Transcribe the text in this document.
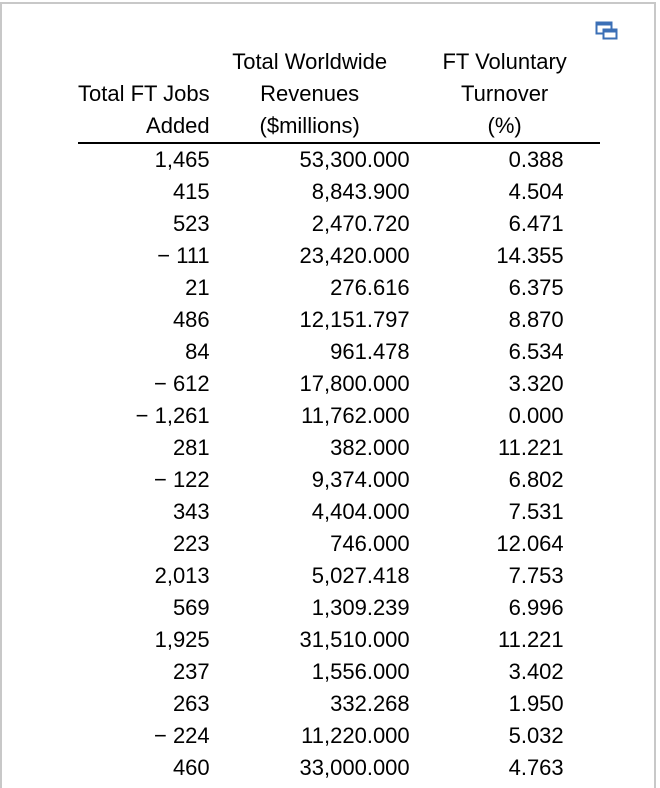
	Total Worldwide	FT Voluntary
Total FT Jobs	Revenues	Turnover
Added	($millions)	(%)
1,465	53,300.000	0.388
415	8,843.900	4.504
523	2,470.720	6.471
− 111	23,420.000	14.355
21	276.616	6.375
486	12,151.797	8.870
84	961.478	6.534
− 612	17,800.000	3.320
− 1,261	11,762.000	0.000
281	382.000	11.221
− 122	9,374.000	6.802
343	4,404.000	7.531
223	746.000	12.064
2,013	5,027.418	7.753
569	1,309.239	6.996
1,925	31,510.000	11.221
237	1,556.000	3.402
263	332.268	1.950
− 224	11,220.000	5.032
460	33,000.000	4.763
